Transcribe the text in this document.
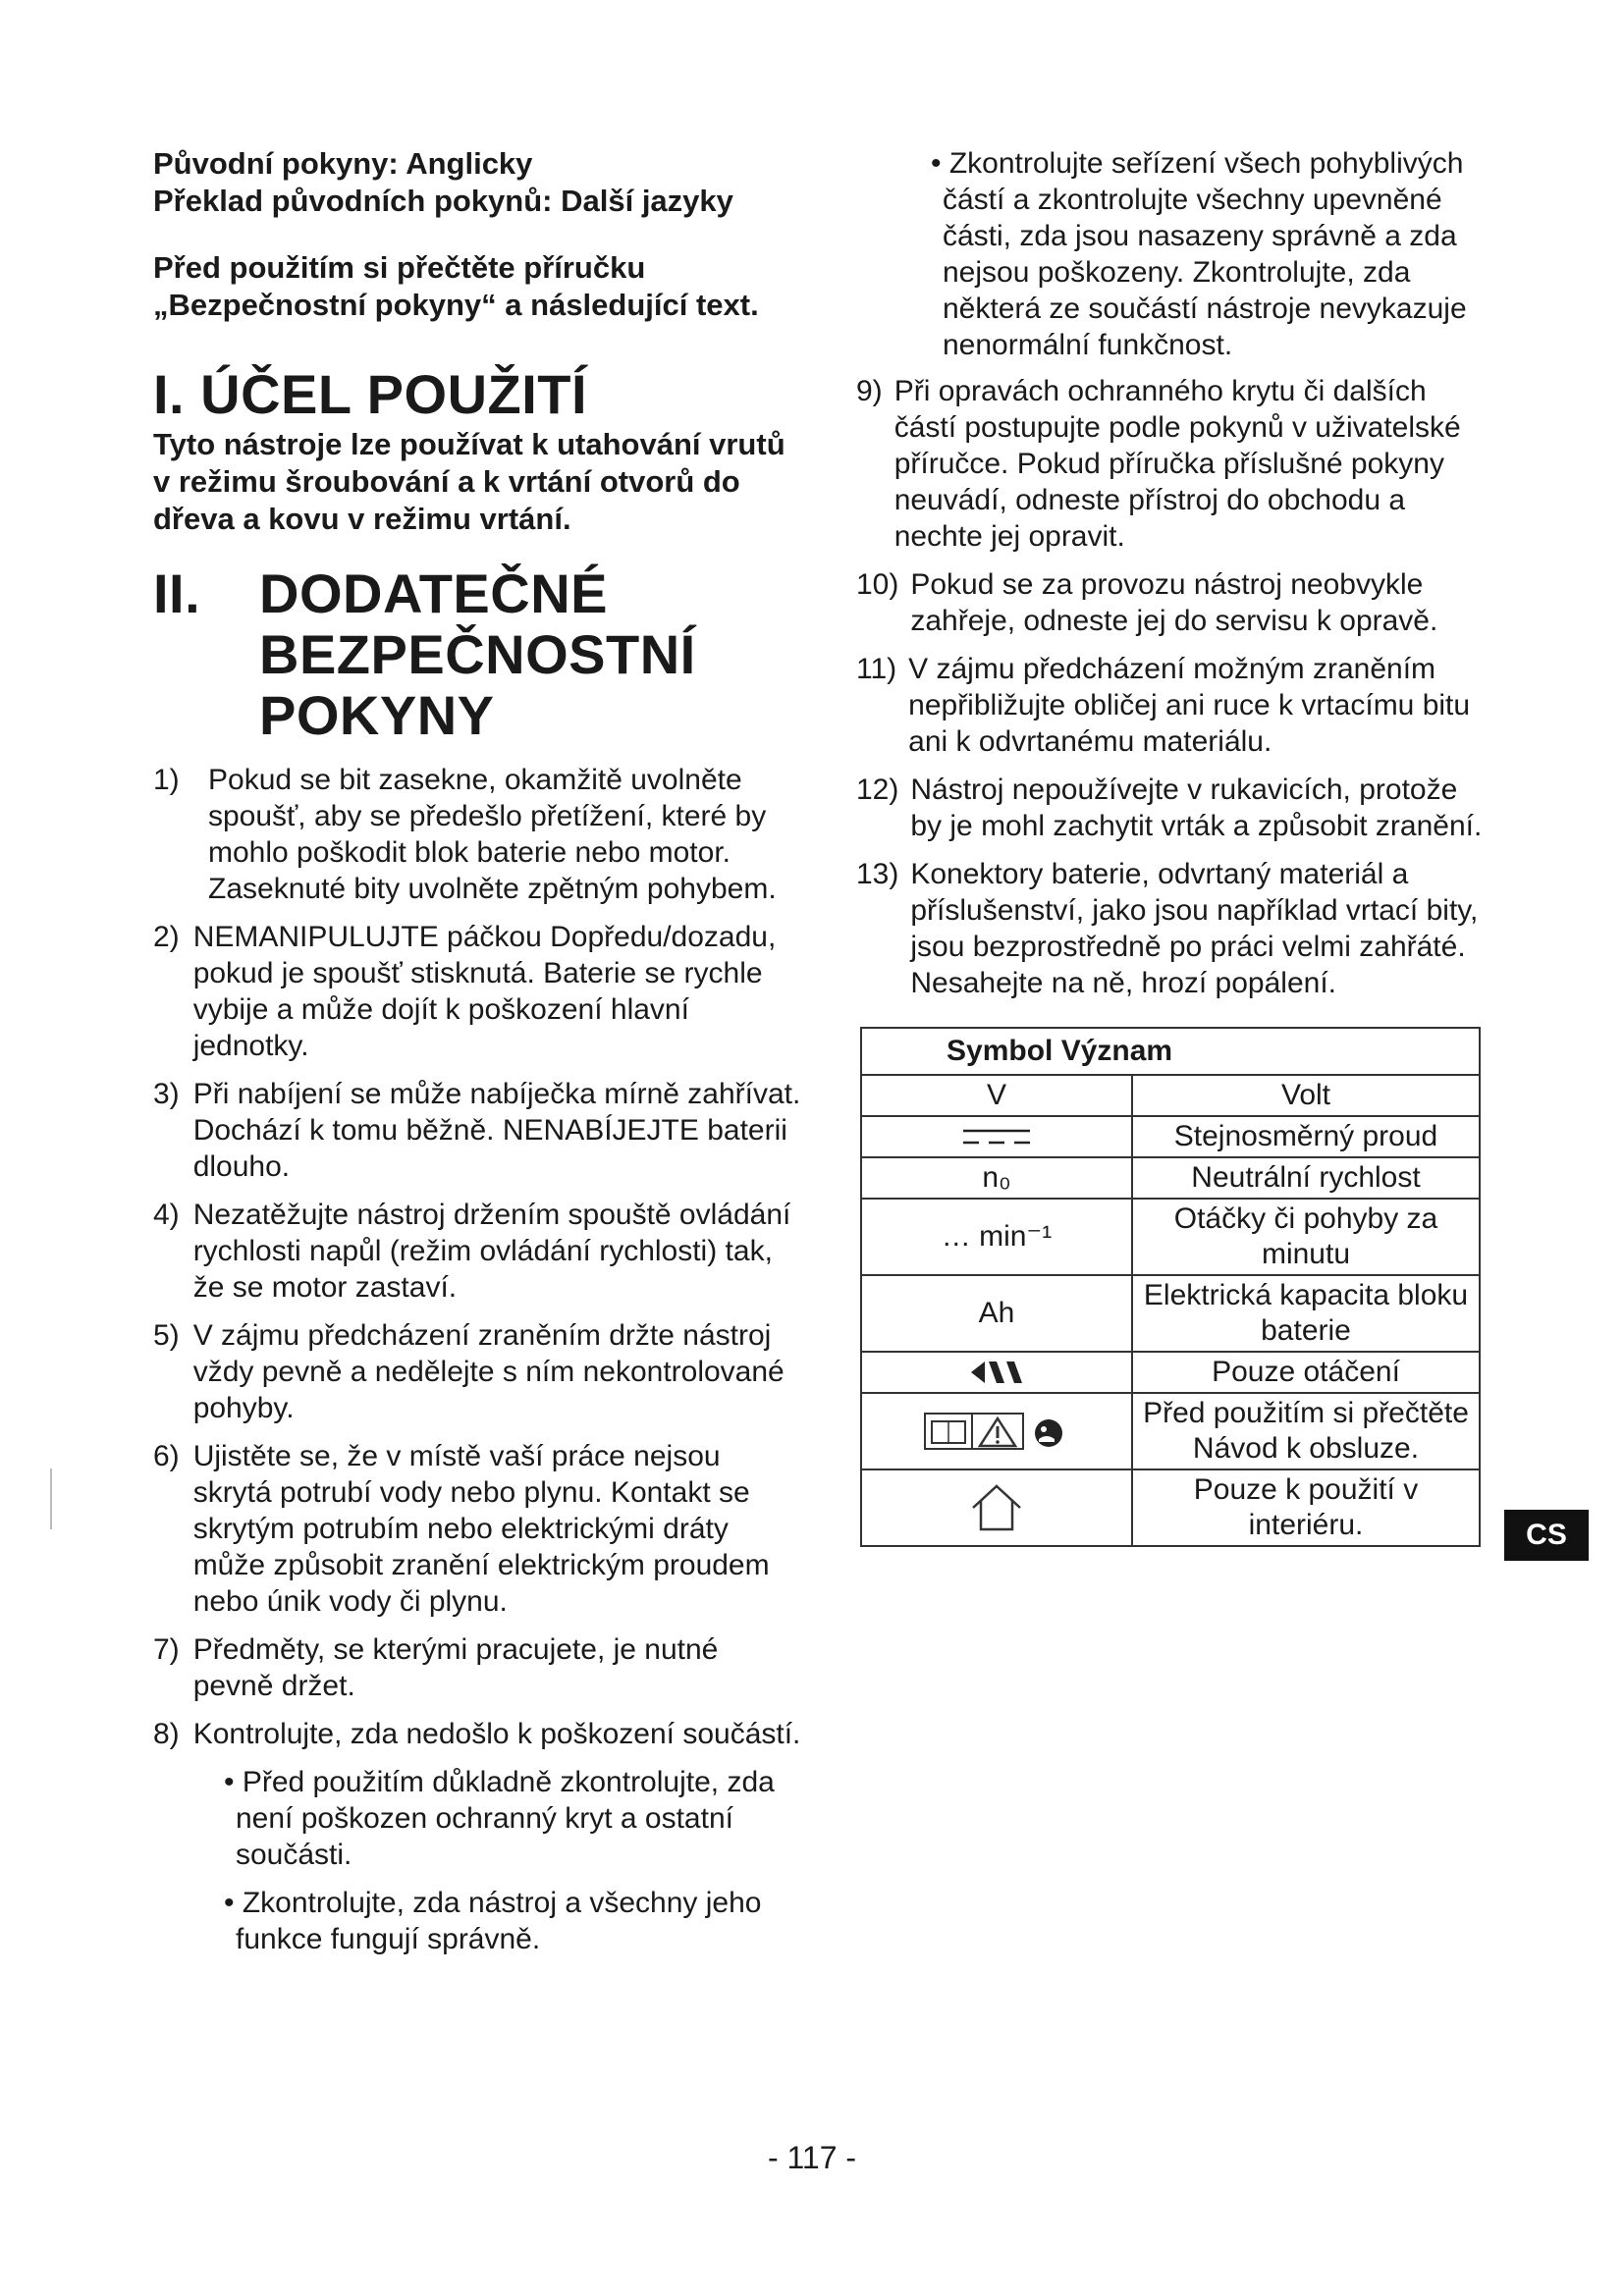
Původní pokyny: Anglicky

Překlad původních pokynů: Další jazyky

Před použitím si přečtěte příručku „Bezpečnostní pokyny“ a následující text.

I. ÚČEL POUŽITÍ

Tyto nástroje lze používat k utahování vrutů v režimu šroubování a k vrtání otvorů do dřeva a kovu v režimu vrtání.

II. DODATEČNÉ
BEZPEČNOSTNÍ
POKYNY
1) Pokud se bit zasekne, okamžitě uvolněte spoušť, aby se předešlo přetížení, které by mohlo poškodit blok baterie nebo motor. Zaseknuté bity uvolněte zpětným pohybem.
2) NEMANIPULUJTE páčkou Dopředu/dozadu, pokud je spoušť stisknutá. Baterie se rychle vybije a může dojít k poškození hlavní jednotky.
3) Při nabíjení se může nabíječka mírně zahřívat. Dochází k tomu běžně. NENABÍJEJTE baterii dlouho.
4) Nezatěžujte nástroj držením spouště ovládání rychlosti napůl (režim ovládání rychlosti) tak, že se motor zastaví.
5) V zájmu předcházení zraněním držte nástroj vždy pevně a nedělejte s ním nekontrolované pohyby.
6) Ujistěte se, že v místě vaší práce nejsou skrytá potrubí vody nebo plynu. Kontakt se skrytým potrubím nebo elektrickými dráty může způsobit zranění elektrickým proudem nebo únik vody či plynu.
7) Předměty, se kterými pracujete, je nutné pevně držet.
8) Kontrolujte, zda nedošlo k poškození součástí.

• Před použitím důkladně zkontrolujte, zda není poškozen ochranný kryt a ostatní součásti.

• Zkontrolujte, zda nástroj a všechny jeho funkce fungují správně.

• Zkontrolujte seřízení všech pohyblivých částí a zkontrolujte všechny upevněné části, zda jsou nasazeny správně a zda nejsou poškozeny. Zkontrolujte, zda některá ze součástí nástroje nevykazuje nenormální funkčnost.

9) Při opravách ochranného krytu či dalších částí postupujte podle pokynů v uživatelské příručce. Pokud příručka příslušné pokyny neuvádí, odneste přístroj do obchodu a nechte jej opravit.
10) Pokud se za provozu nástroj neobvykle zahřeje, odneste jej do servisu k opravě.
11) V zájmu předcházení možným zraněním nepřibližujte obličej ani ruce k vrtacímu bitu ani k odvrtanému materiálu.
12) Nástroj nepoužívejte v rukavicích, protože by je mohl zachytit vrták a způsobit zranění.
13) Konektory baterie, odvrtaný materiál a příslušenství, jako jsou například vrtací bity, jsou bezprostředně po práci velmi zahřáté. Nesahejte na ně, hrozí popálení.
Symbol Význam	
V	Volt

	Stejnosměrný proud
n₀	Neutrální rychlost
… min⁻¹	Otáčky či pohyby za minutu
Ah	Elektrická kapacita bloku baterie

	Pouze otáčení

	Před použitím si přečtěte Návod k obsluze.

	Pouze k použití v interiéru.	CS
- 117 -
